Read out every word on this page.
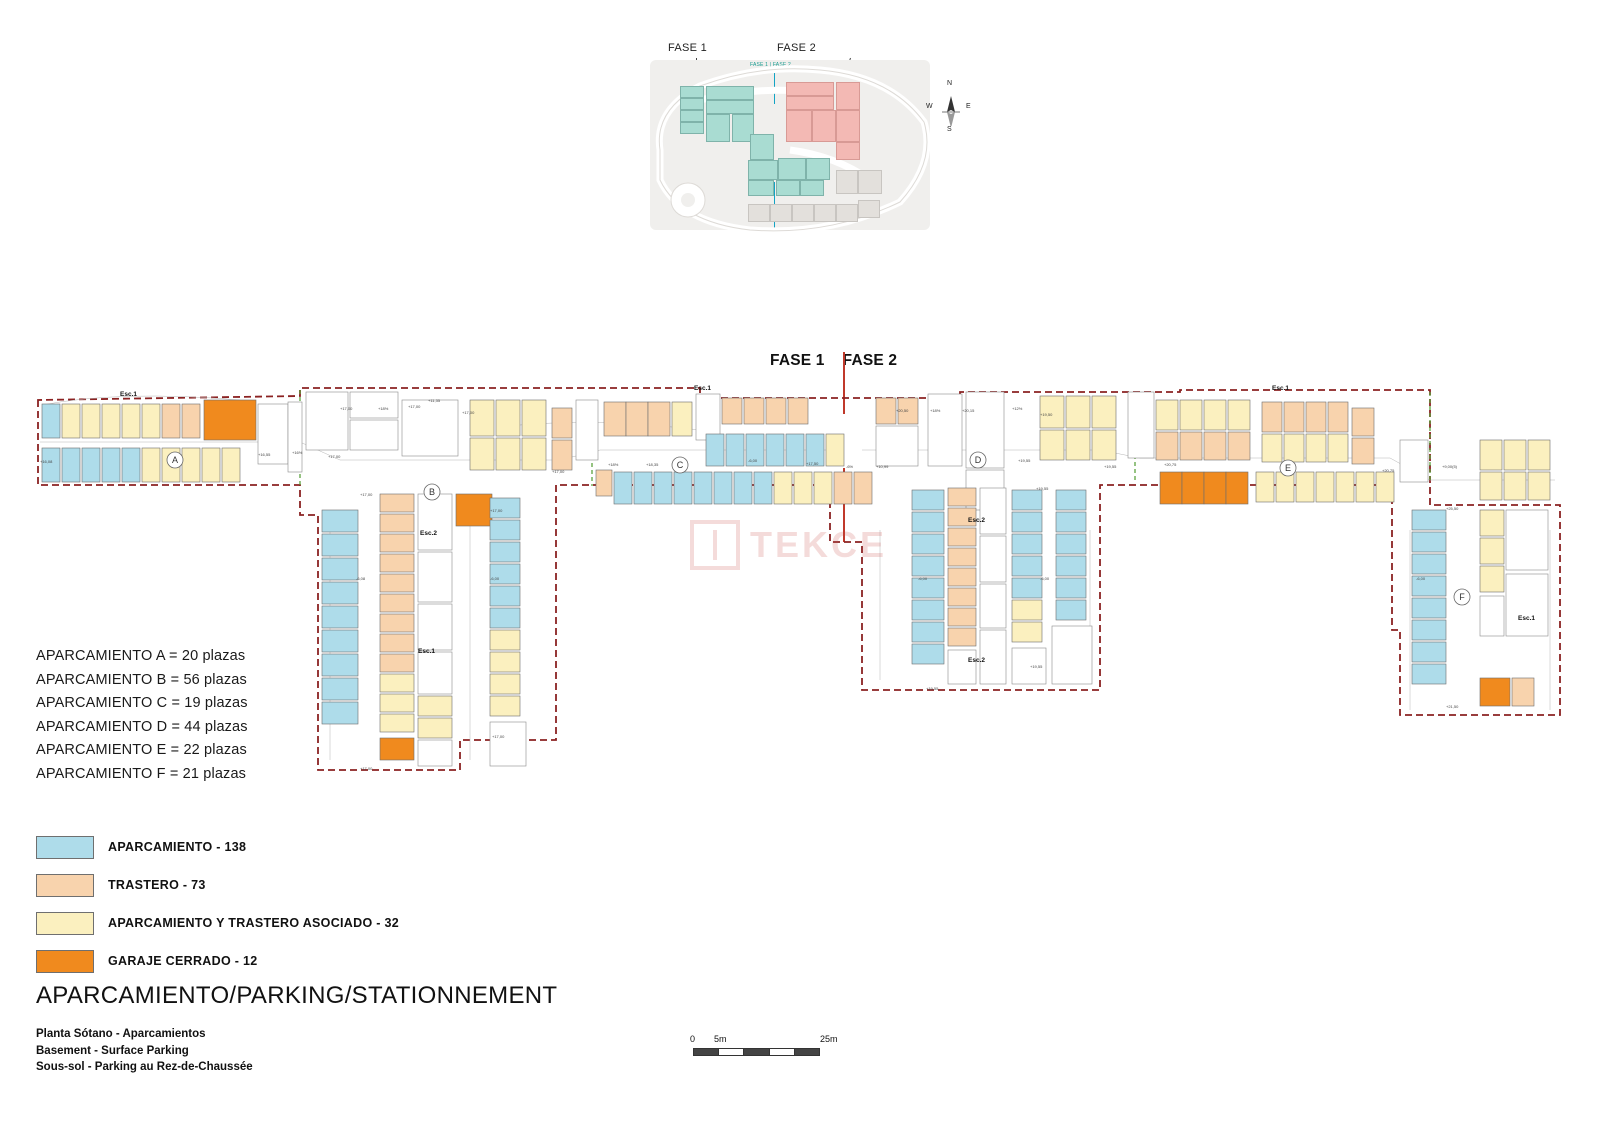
FASE 1	FASE 2
FASE 1 | FASE 2
N
S
E
W
FASE 1 FASE 2
A
B
C	D
E
F
Esc.1
Esc.1	Esc.1
Esc.2
Esc.1
Esc.2
Esc.2
Esc.1
+16,08
+16,55	+16%
+17,00
+17,00	+18%	+17,00
+11,35
+17,00
+17,00
+17,00
-6,08	-6,00
+17,00
+17,00
+17,00
+18%	+18,35
-6,00
+17,50
-6%	+10,99
+20,50	+18%	+20,15	+12%
+19,50
+19,55
+19,55
+19,55
+19,55
-6,00	-6,00
+19,55	+20,75
+20,75
+9,00(5)
+25,50
-6,00
+21,50
TEKCE
APARCAMIENTO A = 20 plazas
APARCAMIENTO B = 56 plazas
APARCAMIENTO C = 19 plazas
APARCAMIENTO D = 44 plazas
APARCAMIENTO E = 22 plazas
APARCAMIENTO F = 21 plazas
APARCAMIENTO - 138
TRASTERO - 73
APARCAMIENTO Y TRASTERO ASOCIADO - 32
GARAJE CERRADO - 12
APARCAMIENTO/PARKING/STATIONNEMENT
Planta Sótano - Aparcamientos
Basement - Surface Parking
Sous-sol - Parking au Rez-de-Chaussée
0 5m	25m
